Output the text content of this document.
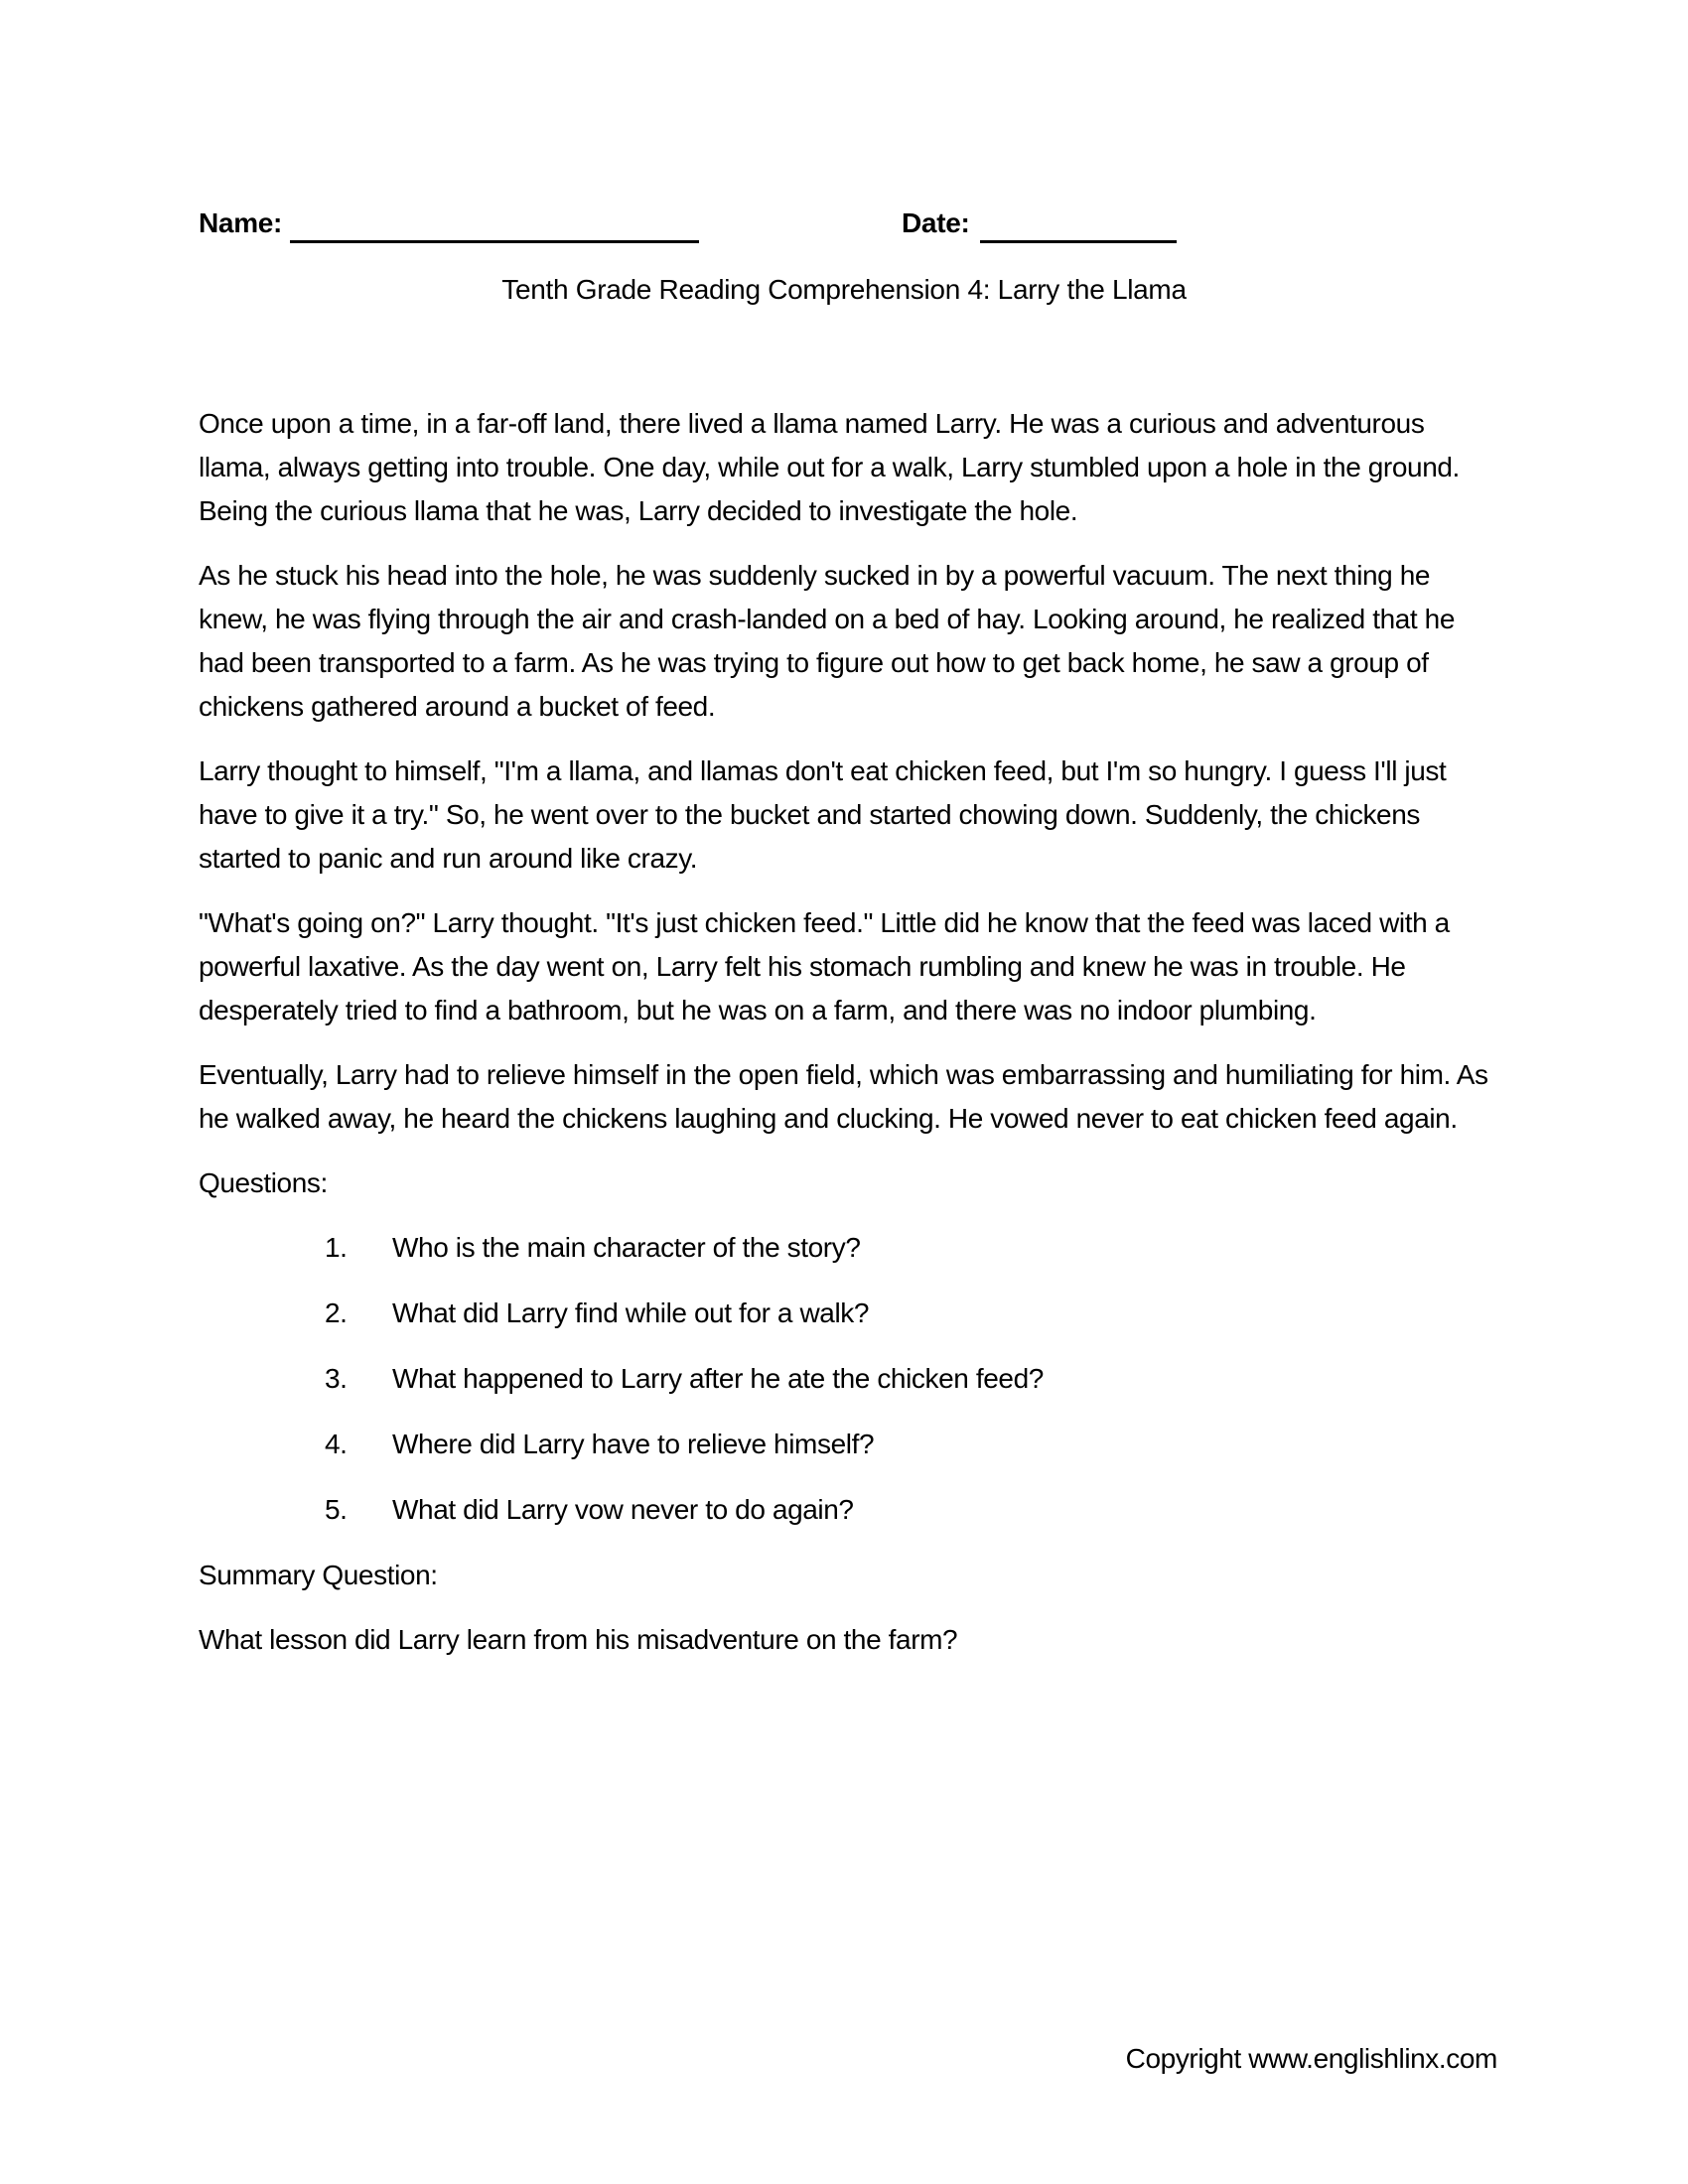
Name:	Date:
Tenth Grade Reading Comprehension 4: Larry the Llama

Once upon a time, in a far-off land, there lived a llama named Larry. He was a curious and adventurous llama, always getting into trouble. One day, while out for a walk, Larry stumbled upon a hole in the ground. Being the curious llama that he was, Larry decided to investigate the hole.

As he stuck his head into the hole, he was suddenly sucked in by a powerful vacuum. The next thing he knew, he was flying through the air and crash-landed on a bed of hay. Looking around, he realized that he had been transported to a farm. As he was trying to figure out how to get back home, he saw a group of chickens gathered around a bucket of feed.

Larry thought to himself, "I'm a llama, and llamas don't eat chicken feed, but I'm so hungry. I guess I'll just have to give it a try." So, he went over to the bucket and started chowing down. Suddenly, the chickens started to panic and run around like crazy.

"What's going on?" Larry thought. "It's just chicken feed." Little did he know that the feed was laced with a powerful laxative. As the day went on, Larry felt his stomach rumbling and knew he was in trouble. He desperately tried to find a bathroom, but he was on a farm, and there was no indoor plumbing.

Eventually, Larry had to relieve himself in the open field, which was embarrassing and humiliating for him. As he walked away, he heard the chickens laughing and clucking. He vowed never to eat chicken feed again.

Questions:

1.	Who is the main character of the story?
2.	What did Larry find while out for a walk?
3.	What happened to Larry after he ate the chicken feed?
4.	Where did Larry have to relieve himself?
5.	What did Larry vow never to do again?

Summary Question:

What lesson did Larry learn from his misadventure on the farm?

Copyright www.englishlinx.com
